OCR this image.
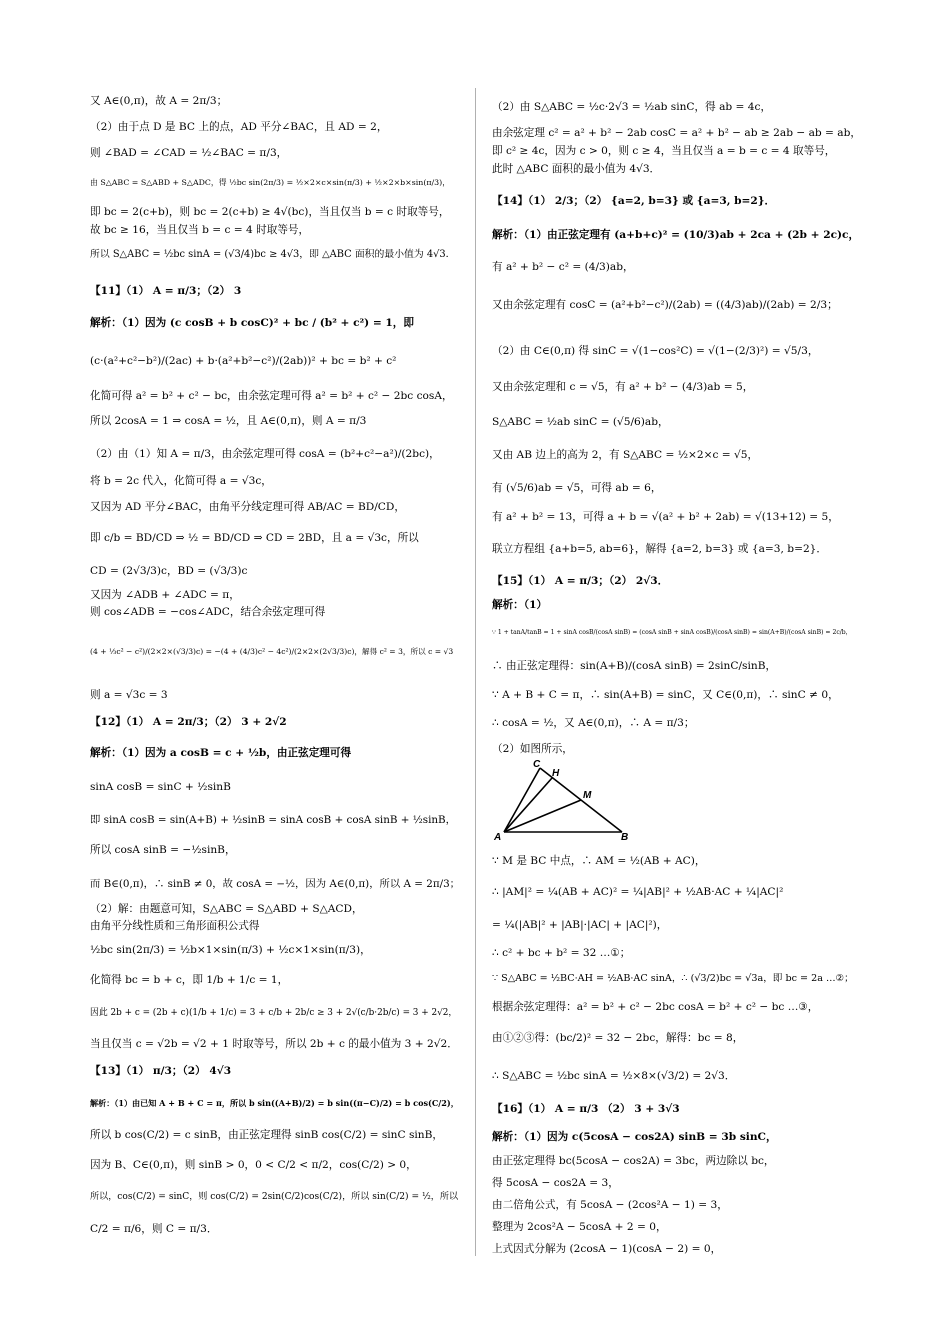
又 A∈(0,π)，故 A = 2π/3；
（2）由于点 D 是 BC 上的点，AD 平分∠BAC，且 AD = 2，
则 ∠BAD = ∠CAD = ½∠BAC = π/3，
由 S△ABC = S△ABD + S△ADC，得 ½bc sin(2π/3) = ½×2×c×sin(π/3) + ½×2×b×sin(π/3)，
即 bc = 2(c+b)，则 bc = 2(c+b) ≥ 4√(bc)，当且仅当 b = c 时取等号，
故 bc ≥ 16，当且仅当 b = c = 4 时取等号，
所以 S△ABC = ½bc sinA = (√3/4)bc ≥ 4√3，即 △ABC 面积的最小值为 4√3．
【11】（1） A = π/3；（2） 3
解析：（1）因为 (c cosB + b cosC)² + bc / (b² + c²) = 1，即
(c·(a²+c²−b²)/(2ac) + b·(a²+b²−c²)/(2ab))² + bc = b² + c²
化简可得 a² = b² + c² − bc，由余弦定理可得 a² = b² + c² − 2bc cosA，
所以 2cosA = 1 ⇒ cosA = ½，且 A∈(0,π)，则 A = π/3
（2）由（1）知 A = π/3，由余弦定理可得 cosA = (b²+c²−a²)/(2bc)，
将 b = 2c 代入，化简可得 a = √3c，
又因为 AD 平分∠BAC，由角平分线定理可得 AB/AC = BD/CD，
即 c/b = BD/CD ⇒ ½ = BD/CD ⇒ CD = 2BD，且 a = √3c，所以
CD = (2√3/3)c，BD = (√3/3)c
又因为 ∠ADB + ∠ADC = π，
则 cos∠ADB = −cos∠ADC，结合余弦定理可得
(4 + ⅓c² − c²)/(2×2×(√3/3)c) = −(4 + (4/3)c² − 4c²)/(2×2×(2√3/3)c)，解得 c² = 3，所以 c = √3
则 a = √3c = 3
【12】（1） A = 2π/3；（2） 3 + 2√2
解析：（1）因为 a cosB = c + ½b，由正弦定理可得
sinA cosB = sinC + ½sinB
即 sinA cosB = sin(A+B) + ½sinB = sinA cosB + cosA sinB + ½sinB，
所以 cosA sinB = −½sinB，
而 B∈(0,π)，∴ sinB ≠ 0，故 cosA = −½，因为 A∈(0,π)，所以 A = 2π/3；
（2）解：由题意可知，S△ABC = S△ABD + S△ACD，
由角平分线性质和三角形面积公式得
½bc sin(2π/3) = ½b×1×sin(π/3) + ½c×1×sin(π/3)，
化简得 bc = b + c，即 1/b + 1/c = 1，
因此 2b + c = (2b + c)(1/b + 1/c) = 3 + c/b + 2b/c ≥ 3 + 2√(c/b·2b/c) = 3 + 2√2，
当且仅当 c = √2b = √2 + 1 时取等号，所以 2b + c 的最小值为 3 + 2√2．
【13】（1） π/3；（2） 4√3
解析：（1）由已知 A + B + C = π，所以 b sin((A+B)/2) = b sin((π−C)/2) = b cos(C/2)，
所以 b cos(C/2) = c sinB，由正弦定理得 sinB cos(C/2) = sinC sinB，
因为 B、C∈(0,π)，则 sinB > 0，0 < C/2 < π/2，cos(C/2) > 0，
所以，cos(C/2) = sinC，则 cos(C/2) = 2sin(C/2)cos(C/2)，所以 sin(C/2) = ½，所以
C/2 = π/6，则 C = π/3．
（2）由 S△ABC = ½c·2√3 = ½ab sinC，得 ab = 4c，
由余弦定理 c² = a² + b² − 2ab cosC = a² + b² − ab ≥ 2ab − ab = ab，
即 c² ≥ 4c，因为 c > 0，则 c ≥ 4，当且仅当 a = b = c = 4 取等号，
此时 △ABC 面积的最小值为 4√3．
【14】（1） 2/3；（2） {a=2, b=3} 或 {a=3, b=2}．
解析：（1）由正弦定理有 (a+b+c)² = (10/3)ab + 2ca + (2b + 2c)c，
有 a² + b² − c² = (4/3)ab，
又由余弦定理有 cosC = (a²+b²−c²)/(2ab) = ((4/3)ab)/(2ab) = 2/3；
（2）由 C∈(0,π) 得 sinC = √(1−cos²C) = √(1−(2/3)²) = √5/3，
又由余弦定理和 c = √5，有 a² + b² − (4/3)ab = 5，
S△ABC = ½ab sinC = (√5/6)ab，
又由 AB 边上的高为 2，有 S△ABC = ½×2×c = √5，
有 (√5/6)ab = √5，可得 ab = 6，
有 a² + b² = 13，可得 a + b = √(a² + b² + 2ab) = √(13+12) = 5，
联立方程组 {a+b=5, ab=6}，解得 {a=2, b=3} 或 {a=3, b=2}．
【15】（1） A = π/3；（2） 2√3．
解析：（1）
∵ 1 + tanA/tanB = 1 + sinA cosB/(cosA sinB) = (cosA sinB + sinA cosB)/(cosA sinB) = sin(A+B)/(cosA sinB) = 2c/b，
∴ 由正弦定理得：sin(A+B)/(cosA sinB) = 2sinC/sinB，
∵ A + B + C = π，∴ sin(A+B) = sinC，又 C∈(0,π)，∴ sinC ≠ 0，
∴ cosA = ½，又 A∈(0,π)，∴ A = π/3；
（2）如图所示，
C
H
M
A	B
∵ M 是 BC 中点，∴ AM = ½(AB + AC)，
∴ |AM|² = ¼(AB + AC)² = ¼|AB|² + ½AB·AC + ¼|AC|²
= ¼(|AB|² + |AB|·|AC| + |AC|²)，
∴ c² + bc + b² = 32 …①；
∵ S△ABC = ½BC·AH = ½AB·AC sinA，∴ (√3/2)bc = √3a，即 bc = 2a …②；
根据余弦定理得：a² = b² + c² − 2bc cosA = b² + c² − bc …③，
由①②③得：(bc/2)² = 32 − 2bc，解得：bc = 8，
∴ S△ABC = ½bc sinA = ½×8×(√3/2) = 2√3．
【16】（1） A = π/3 （2） 3 + 3√3
解析：（1）因为 c(5cosA − cos2A) sinB = 3b sinC，
由正弦定理得 bc(5cosA − cos2A) = 3bc，两边除以 bc，
得 5cosA − cos2A = 3，
由二倍角公式，有 5cosA − (2cos²A − 1) = 3，
整理为 2cos²A − 5cosA + 2 = 0，
上式因式分解为 (2cosA − 1)(cosA − 2) = 0，
